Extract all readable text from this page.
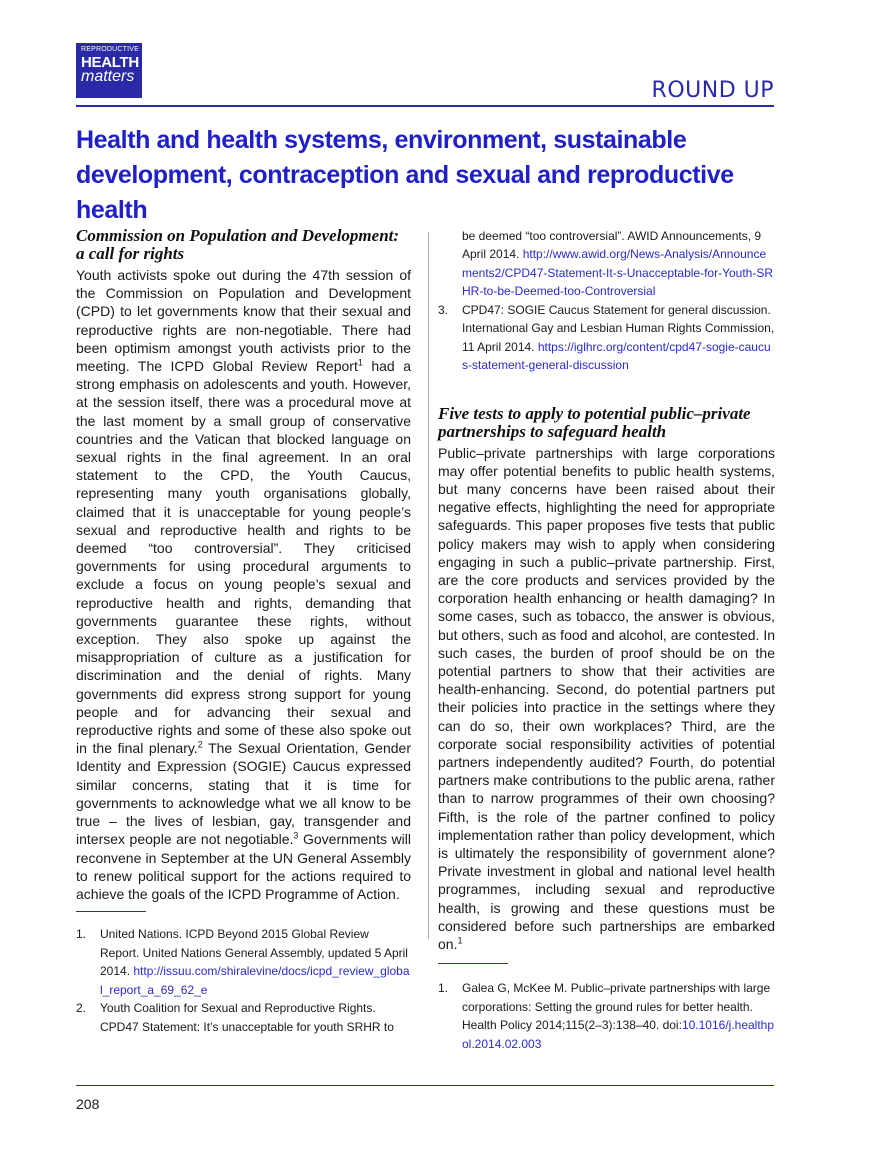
REPRODUCTIVE
HEALTH
matters
ROUND UP
Health and health systems, environment, sustainable development, contraception and sexual and reproductive health
Commission on Population and Development: a call for rights

Youth activists spoke out during the 47th session of the Commission on Population and Development (CPD) to let governments know that their sexual and reproductive rights are non-negotiable. There had been optimism amongst youth activists prior to the meeting. The ICPD Global Review Report$^1$ had a strong emphasis on adolescents and youth. However, at the session itself, there was a procedural move at the last moment by a small group of conservative countries and the Vatican that blocked language on sexual rights in the final agreement. In an oral statement to the CPD, the Youth Caucus, representing many youth organisations globally, claimed that it is unacceptable for young people’s sexual and reproductive health and rights to be deemed “too controversial”. They criticised governments for using procedural arguments to exclude a focus on young people’s sexual and reproductive health and rights, demanding that governments guarantee these rights, without exception. They also spoke up against the misappropriation of culture as a justification for discrimination and the denial of rights. Many governments did express strong support for young people and for advancing their sexual and reproductive rights and some of these also spoke out in the final plenary.$^2$ The Sexual Orientation, Gender Identity and Expression (SOGIE) Caucus expressed similar concerns, stating that it is time for governments to acknowledge what we all know to be true – the lives of lesbian, gay, transgender and intersex people are not negotiable.$^3$ Governments will reconvene in September at the UN General Assembly to renew political support for the actions required to achieve the goals of the ICPD Programme of Action.

1.	United Nations. ICPD Beyond 2015 Global Review Report. United Nations General Assembly, updated 5 April 2014. http://issuu.com/shiralevine/docs/icpd_review_global_report_a_69_62_e
2.	Youth Coalition for Sexual and Reproductive Rights. CPD47 Statement: It’s unacceptable for youth SRHR to
be deemed “too controversial”. AWID Announcements, 9 April 2014. http://www.awid.org/News-Analysis/Announcements2/CPD47-Statement-It-s-Unacceptable-for-Youth-SRHR-to-be-Deemed-too-Controversial
3.	CPD47: SOGIE Caucus Statement for general discussion. International Gay and Lesbian Human Rights Commission, 11 April 2014. https://iglhrc.org/content/cpd47-sogie-caucus-statement-general-discussion
Five tests to apply to potential public–private partnerships to safeguard health

Public–private partnerships with large corporations may offer potential benefits to public health systems, but many concerns have been raised about their negative effects, highlighting the need for appropriate safeguards. This paper proposes five tests that public policy makers may wish to apply when considering engaging in such a public–private partnership. First, are the core products and services provided by the corporation health enhancing or health damaging? In some cases, such as tobacco, the answer is obvious, but others, such as food and alcohol, are contested. In such cases, the burden of proof should be on the potential partners to show that their activities are health-enhancing. Second, do potential partners put their policies into practice in the settings where they can do so, their own workplaces? Third, are the corporate social responsibility activities of potential partners independently audited? Fourth, do potential partners make contributions to the public arena, rather than to narrow programmes of their own choosing? Fifth, is the role of the partner confined to policy implementation rather than policy development, which is ultimately the responsibility of government alone? Private investment in global and national level health programmes, including sexual and reproductive health, is growing and these questions must be considered before such partnerships are embarked on.$^1$

1.	Galea G, McKee M. Public–private partnerships with large corporations: Setting the ground rules for better health. Health Policy 2014;115(2–3):138–40. doi:10.1016/j.healthpol.2014.02.003
208
